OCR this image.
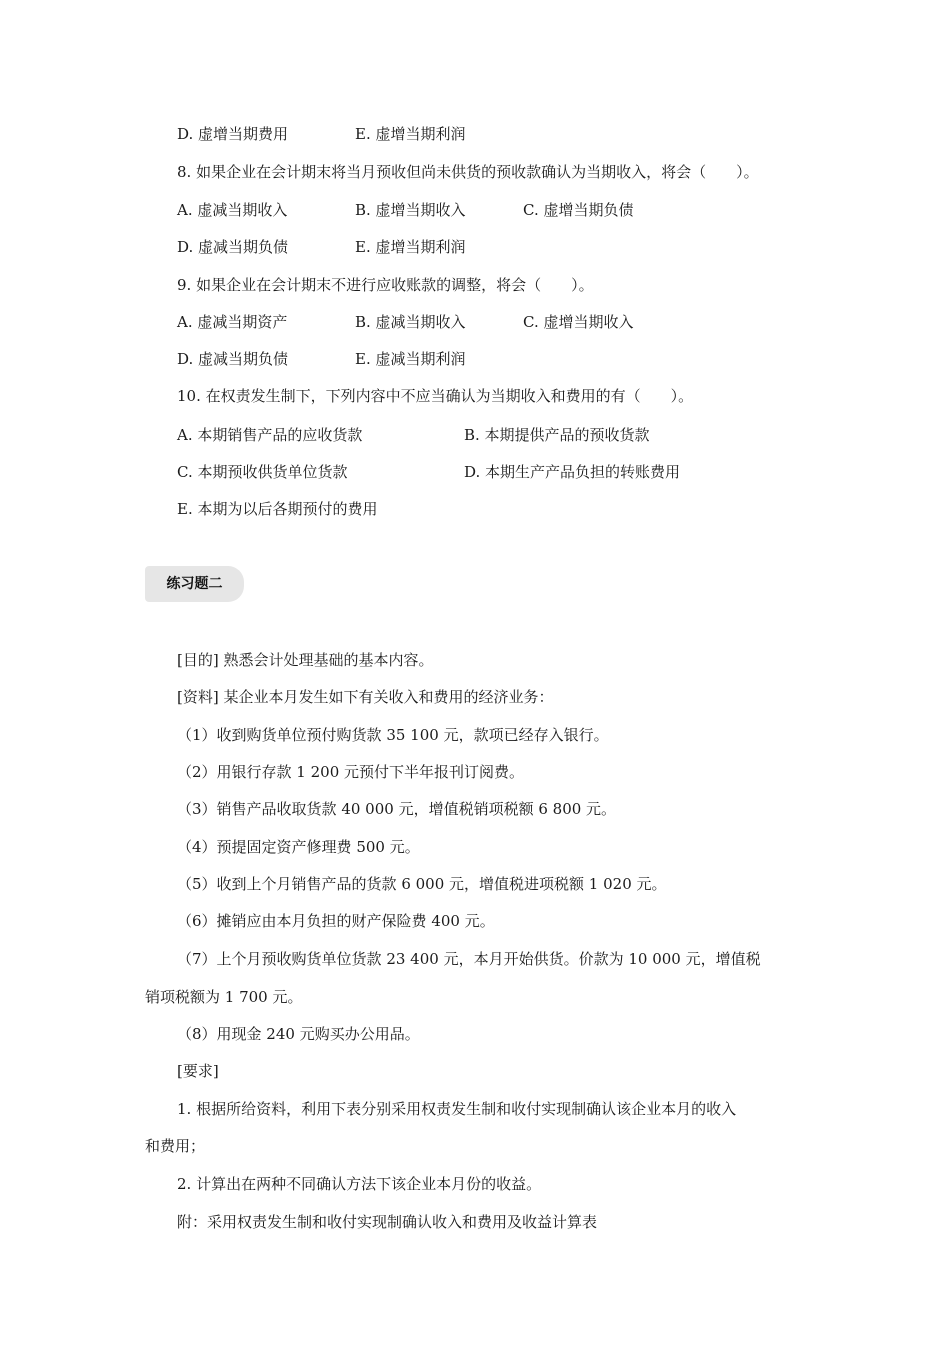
D. 虚增当期费用	E. 虚增当期利润
8. 如果企业在会计期末将当月预收但尚未供货的预收款确认为当期收入，将会（　　）。
A. 虚减当期收入	B. 虚增当期收入	C. 虚增当期负债
D. 虚减当期负债	E. 虚增当期利润
9. 如果企业在会计期末不进行应收账款的调整，将会（　　）。
A. 虚减当期资产	B. 虚减当期收入	C. 虚增当期收入
D. 虚减当期负债	E. 虚减当期利润
10. 在权责发生制下，下列内容中不应当确认为当期收入和费用的有（　　）。
A. 本期销售产品的应收货款	B. 本期提供产品的预收货款
C. 本期预收供货单位货款	D. 本期生产产品负担的转账费用
E. 本期为以后各期预付的费用
练习题二
[目的] 熟悉会计处理基础的基本内容。
[资料] 某企业本月发生如下有关收入和费用的经济业务：
（1）收到购货单位预付购货款 35 100 元，款项已经存入银行。
（2）用银行存款 1 200 元预付下半年报刊订阅费。
（3）销售产品收取货款 40 000 元，增值税销项税额 6 800 元。
（4）预提固定资产修理费 500 元。
（5）收到上个月销售产品的货款 6 000 元，增值税进项税额 1 020 元。
（6）摊销应由本月负担的财产保险费 400 元。
（7）上个月预收购货单位货款 23 400 元，本月开始供货。价款为 10 000 元，增值税
销项税额为 1 700 元。
（8）用现金 240 元购买办公用品。
[要求]
1. 根据所给资料，利用下表分别采用权责发生制和收付实现制确认该企业本月的收入
和费用；
2. 计算出在两种不同确认方法下该企业本月份的收益。
附：采用权责发生制和收付实现制确认收入和费用及收益计算表
